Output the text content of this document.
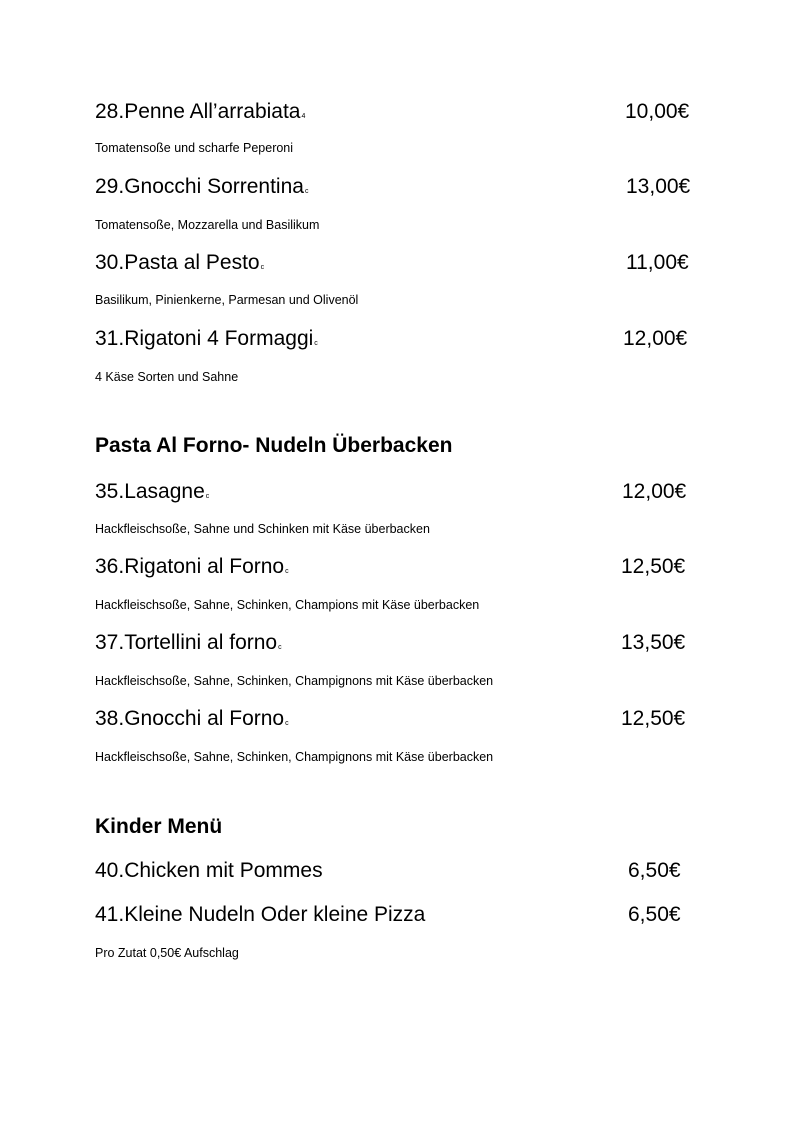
28.Penne All’arrabiata4	10,00€
Tomatensoße und scharfe Peperoni
29.Gnocchi Sorrentinac	13,00€
Tomatensoße, Mozzarella und Basilikum
30.Pasta al Pestoc	11,00€
Basilikum, Pinienkerne, Parmesan und Olivenöl
31.Rigatoni 4 Formaggic	12,00€
4 Käse Sorten und Sahne
Pasta Al Forno- Nudeln Überbacken
35.Lasagnec	12,00€
Hackfleischsoße, Sahne und Schinken mit Käse überbacken
36.Rigatoni al Fornoc	12,50€
Hackfleischsoße, Sahne, Schinken, Champions mit Käse überbacken
37.Tortellini al fornoc	13,50€
Hackfleischsoße, Sahne, Schinken, Champignons mit Käse überbacken
38.Gnocchi al Fornoc	12,50€
Hackfleischsoße, Sahne, Schinken, Champignons mit Käse überbacken
Kinder Menü
40.Chicken mit Pommes	6,50€
41.Kleine Nudeln Oder kleine Pizza	6,50€
Pro Zutat 0,50€ Aufschlag
